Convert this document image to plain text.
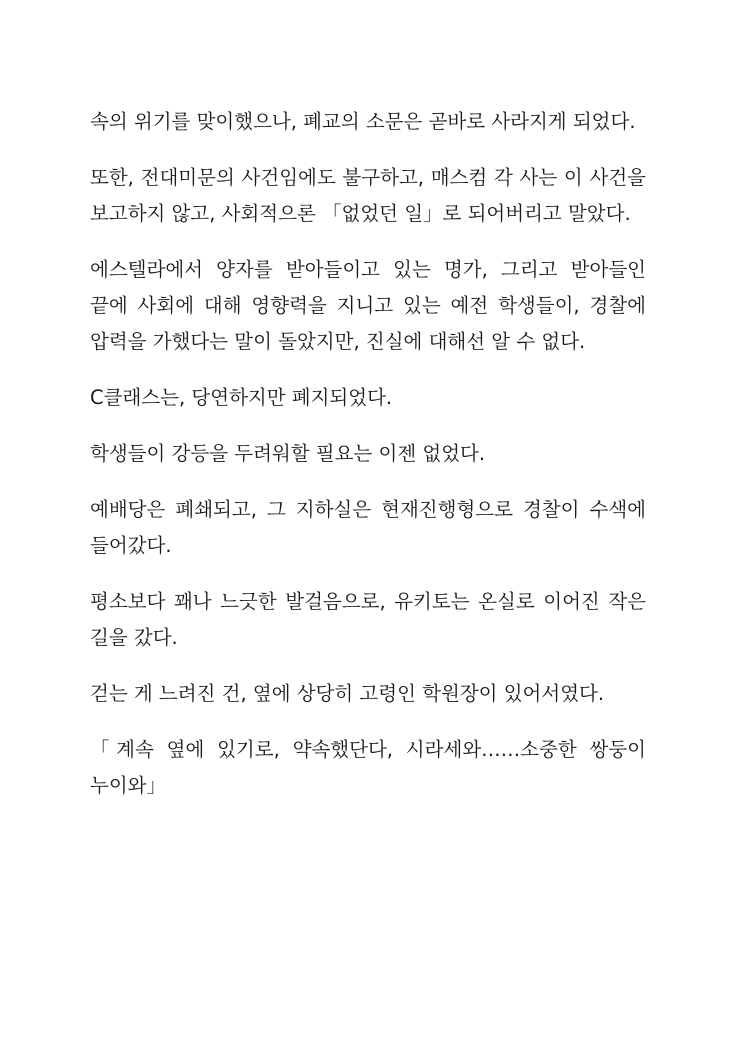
속의 위기를 맞이했으나, 폐교의 소문은 곧바로 사라지게 되었다.

또한, 전대미문의 사건임에도 불구하고, 매스컴 각 사는 이 사건을 보고하지 않고, 사회적으론 「없었던 일」로 되어버리고 말았다.

에스텔라에서 양자를 받아들이고 있는 명가, 그리고 받아들인 끝에 사회에 대해 영향력을 지니고 있는 예전 학생들이, 경찰에 압력을 가했다는 말이 돌았지만, 진실에 대해선 알 수 없다.

C클래스는, 당연하지만 폐지되었다.

학생들이 강등을 두려워할 필요는 이젠 없었다.

예배당은 폐쇄되고, 그 지하실은 현재진행형으로 경찰이 수색에 들어갔다.

평소보다 꽤나 느긋한 발걸음으로, 유키토는 온실로 이어진 작은 길을 갔다.

걷는 게 느려진 건, 옆에 상당히 고령인 학원장이 있어서였다.

「계속 옆에 있기로, 약속했단다, 시라세와……소중한 쌍둥이 누이와」
